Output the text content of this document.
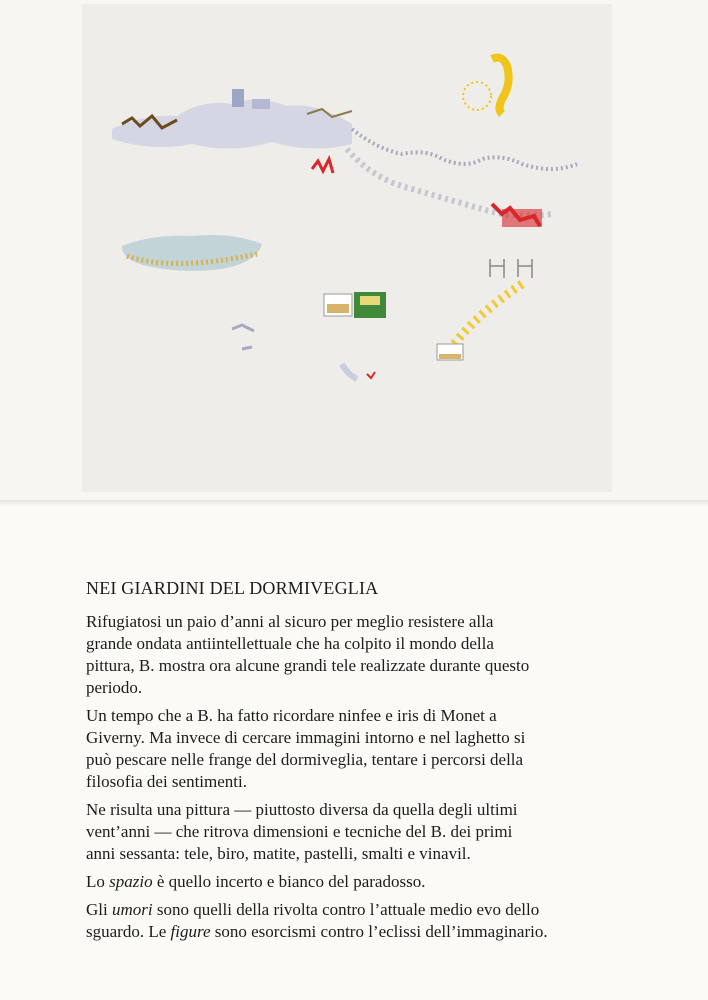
NEI GIARDINI DEL DORMIVEGLIA

Rifugiatosi un paio d’anni al sicuro per meglio resistere alla
grande ondata antiintellettuale che ha colpito il mondo della
pittura, B. mostra ora alcune grandi tele realizzate durante questo
periodo.

Un tempo che a B. ha fatto ricordare ninfee e iris di Monet a
Giverny. Ma invece di cercare immagini intorno e nel laghetto si
può pescare nelle frange del dormiveglia, tentare i percorsi della
filosofia dei sentimenti.

Ne risulta una pittura — piuttosto diversa da quella degli ultimi
vent’anni — che ritrova dimensioni e tecniche del B. dei primi
anni sessanta: tele, biro, matite, pastelli, smalti e vinavil.

Lo spazio è quello incerto e bianco del paradosso.

Gli umori sono quelli della rivolta contro l’attuale medio evo dello
sguardo. Le figure sono esorcismi contro l’eclissi dell’immaginario.
